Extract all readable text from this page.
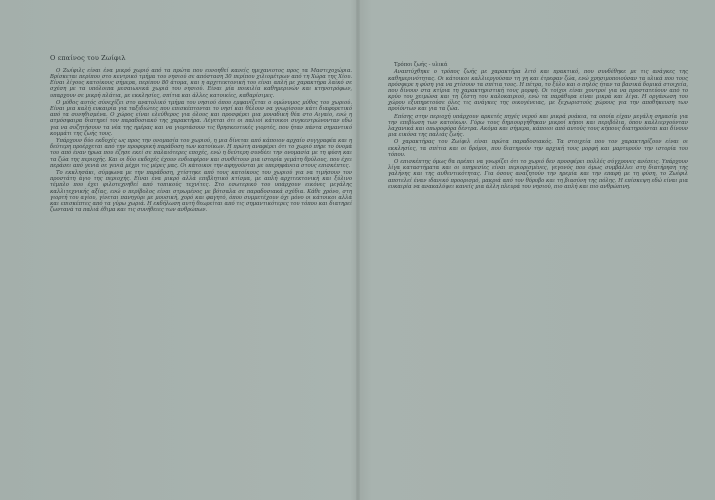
Ο επαίνος του Ζωίφιλ

Ο Ζωίφιλς είναι ένα μικρό χωριό από τα πρώτα που ευνοηθεί κανείς ημιχανιοτος προς τα Μαστιχοχώρια. Βρίσκεται περίπου στο κεντρικό τμήμα του νησιού σε απόσταση 30 περίπου χιλιομέτρων από τη Χώρα της Χίου. Είναι λίγους κατοίκους σήμερα, περίπου 80 άτομα, και η αρχιτεκτονική του είναι απλή με χαρακτήρα λαϊκό σε σχέση με τα υπόλοιπα μεσαιωνικά χωριά του νησιού. Είναι μία ποικιλία καθημερινών και κτηνοτρόφων, υπαρχουν σε μικρή πλάτια, με εκκλησίες, σπίτια και άλλες κατοικίες, καθαρίσιμες.

Ο μύθος αυτός σύνεχίζει στο ανατολικό τμήμα του νησιού όπου εμφανίζεται ο ομώνυμος μύθος του χωριού. Είναι μια καλή ευκαιρία για ταξιδιώτες που επισκέπτονται το νησί και θέλουν να γνωρίσουν κάτι διαφορετικό από τα συνηθισμένα. Ο χώρος είναι ελεύθερος για όλους και προσφέρει μια μοναδική θέα στο Αιγαίο, ενώ η ατμόσφαιρα διατηρεί τον παραδοσιακό της χαρακτήρα. Λέγεται ότι οι παλιοί κάτοικοι συγκεντρώνονταν εδώ για να συζητήσουν τα νέα της ημέρας και να γιορτάσουν τις θρησκευτικές γιορτές, που ήταν πάντα σημαντικό κομμάτι της ζωής τους.

Υπάρχουν δύο εκδοχές ως προς την ονομασία του χωριού, η μια δίνεται από κάποιον αρχαίο συγγραφέα και η δεύτερη προέρχεται από την προφορική παράδοση των κατοίκων. Η πρώτη αναφέρει ότι το χωριό πήρε το όνομά του από έναν ήρωα που έζησε εκεί σε παλαιότερες εποχές, ενώ η δεύτερη συνδέει την ονομασία με τη φύση και τα ζώα της περιοχής. Και οι δύο εκδοχές έχουν ενδιαφέρον και συνθέτουν μια ιστορία γεμάτη θρύλους, που έχει περάσει από γενιά σε γενιά μέχρι τις μέρες μας. Οι κάτοικοι την αφηγούνται με υπερηφάνεια στους επισκέπτες.

Το εκκλησάκι, σύμφωνα με την παράδοση, χτίστηκε από τους κατοίκους του χωριού για να τιμήσουν τον προστάτη άγιο της περιοχής. Είναι ένα μικρό αλλά επιβλητικό κτίσμα, με απλή αρχιτεκτονική και ξύλινο τέμπλο που έχει φιλοτεχνηθεί από τοπικούς τεχνίτες. Στο εσωτερικό του υπάρχουν εικόνες μεγάλης καλλιτεχνικής αξίας, ενώ ο περίβολος είναι στρωμένος με βότσαλα σε παραδοσιακά σχέδια. Κάθε χρόνο, στη γιορτή του αγίου, γίνεται πανηγύρι με μουσική, χορό και φαγητό, όπου συμμετέχουν όχι μόνο οι κάτοικοι αλλά και επισκέπτες από τα γύρω χωριά. Η εκδήλωση αυτή θεωρείται από τις σημαντικότερες του τόπου και διατηρεί ζωντανά τα παλιά έθιμα και τις συνήθειες των ανθρώπων.

Τρόποι ζωής - υλικά

Αναπτύχθηκε ο τρόπος ζωής με χαρακτήρα λιτό και πρακτικό, που συνδέθηκε με τις ανάγκες της καθημερινότητας. Οι κάτοικοι καλλιεργούσαν τη γη και έτρεφαν ζώα, ενώ χρησιμοποιούσαν τα υλικά που τους πρόσφερε η φύση για να χτίσουν τα σπίτια τους. Η πέτρα, το ξύλο και ο πηλός ήταν τα βασικά δομικά στοιχεία, που δίνουν στα κτίρια τη χαρακτηριστική τους μορφή. Οι τοίχοι είναι χοντροί για να προστατεύουν από το κρύο του χειμώνα και τη ζέστη του καλοκαιριού, ενώ τα παράθυρα είναι μικρά και λίγα. Η οργάνωση του χώρου εξυπηρετούσε όλες τις ανάγκες της οικογένειας, με ξεχωριστούς χώρους για την αποθήκευση των προϊόντων και για τα ζώα.

Επίσης στην περιοχή υπάρχουν αρκετές πηγές νερού και μικρά ρυάκια, τα οποία είχαν μεγάλη σημασία για την επιβίωση των κατοίκων. Γύρω τους δημιουργήθηκαν μικροί κήποι και περιβόλια, όπου καλλιεργούνταν λαχανικά και οπωροφόρα δέντρα. Ακόμα και σήμερα, κάποιοι από αυτούς τους κήπους διατηρούνται και δίνουν μια εικόνα της παλιάς ζωής.

Ο χαρακτήρας του Ζωίφιλ είναι πρώτα παραδοσιακός. Τα στοιχεία που τον χαρακτηρίζουν είναι οι εκκλησίες, τα σπίτια και οι δρόμοι, που διατηρούν την αρχική τους μορφή και μαρτυρούν την ιστορία του τόπου.

Ο επισκέπτης όμως θα πρέπει να γνωρίζει ότι το χωριό δεν προσφέρει πολλές σύγχρονες ανέσεις. Υπάρχουν λίγα καταστήματα και οι υπηρεσίες είναι περιορισμένες, γεγονός που όμως συμβάλλει στη διατήρηση της γαλήνης και της αυθεντικότητας. Για όσους αναζητούν την ηρεμία και την επαφή με τη φύση, το Ζωίφιλ αποτελεί έναν ιδανικό προορισμό, μακριά από τον θόρυβο και τη βιασύνη της πόλης. Η επίσκεψη εδώ είναι μια ευκαιρία να ανακαλύψει κανείς μια άλλη πλευρά του νησιού, πιο απλή και πιο ανθρώπινη.
